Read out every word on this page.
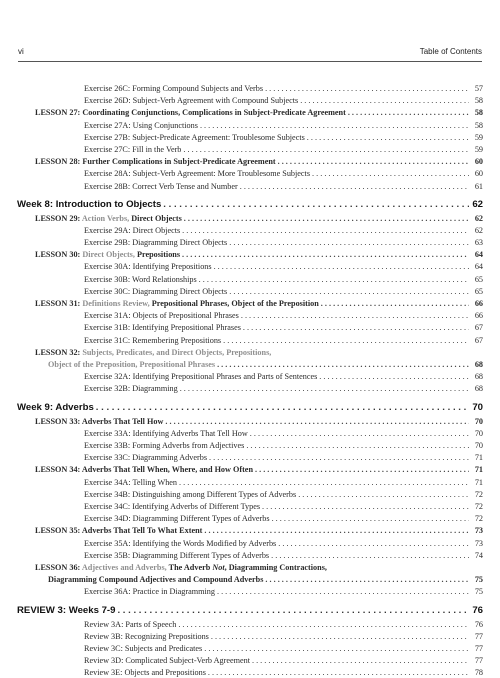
vi	Table of Contents
Exercise 26C: Forming Compound Subjects and Verbs . . .	57
Exercise 26D: Subject-Verb Agreement with Compound Subjects . . .	58
LESSON 27: Coordinating Conjunctions, Complications in Subject-Predicate Agreement . . .	58
Exercise 27A: Using Conjunctions . . .	58
Exercise 27B: Subject-Predicate Agreement: Troublesome Subjects . . .	59
Exercise 27C: Fill in the Verb . . .	59
LESSON 28: Further Complications in Subject-Predicate Agreement . . .	60
Exercise 28A: Subject-Verb Agreement: More Troublesome Subjects . . .	60
Exercise 28B: Correct Verb Tense and Number . . .	61
Week 8: Introduction to Objects . . .	62
LESSON 29: Action Verbs, Direct Objects . . .	62
Exercise 29A: Direct Objects . . .	62
Exercise 29B: Diagramming Direct Objects . . .	63
LESSON 30: Direct Objects, Prepositions . . .	64
Exercise 30A: Identifying Prepositions . . .	64
Exercise 30B: Word Relationships . . .	65
Exercise 30C: Diagramming Direct Objects . . .	65
LESSON 31: Definitions Review, Prepositional Phrases, Object of the Preposition . . .	66
Exercise 31A: Objects of Prepositional Phrases . . .	66
Exercise 31B: Identifying Prepositional Phrases . . .	67
Exercise 31C: Remembering Prepositions . . .	67
LESSON 32: Subjects, Predicates, and Direct Objects, Prepositions,
Object of the Preposition, Prepositional Phrases . . .	68
Exercise 32A: Identifying Prepositional Phrases and Parts of Sentences . . .	68
Exercise 32B: Diagramming . . .	68
Week 9: Adverbs . . .	70
LESSON 33: Adverbs That Tell How . . .	70
Exercise 33A: Identifying Adverbs That Tell How . . .	70
Exercise 33B: Forming Adverbs from Adjectives . . .	70
Exercise 33C: Diagramming Adverbs . . .	71
LESSON 34: Adverbs That Tell When, Where, and How Often . . .	71
Exercise 34A: Telling When . . .	71
Exercise 34B: Distinguishing among Different Types of Adverbs . . .	72
Exercise 34C: Identifying Adverbs of Different Types . . .	72
Exercise 34D: Diagramming Different Types of Adverbs . . .	72
LESSON 35: Adverbs That Tell To What Extent . . .	73
Exercise 35A: Identifying the Words Modified by Adverbs . . .	73
Exercise 35B: Diagramming Different Types of Adverbs . . .	74
LESSON 36: Adjectives and Adverbs, The Adverb Not, Diagramming Contractions,
Diagramming Compound Adjectives and Compound Adverbs . . .	75
Exercise 36A: Practice in Diagramming . . .	75
REVIEW 3: Weeks 7-9 . . .	76
Review 3A: Parts of Speech . . .	76
Review 3B: Recognizing Prepositions . . .	77
Review 3C: Subjects and Predicates . . .	77
Review 3D: Complicated Subject-Verb Agreement . . .	77
Review 3E: Objects and Prepositions . . .	78
